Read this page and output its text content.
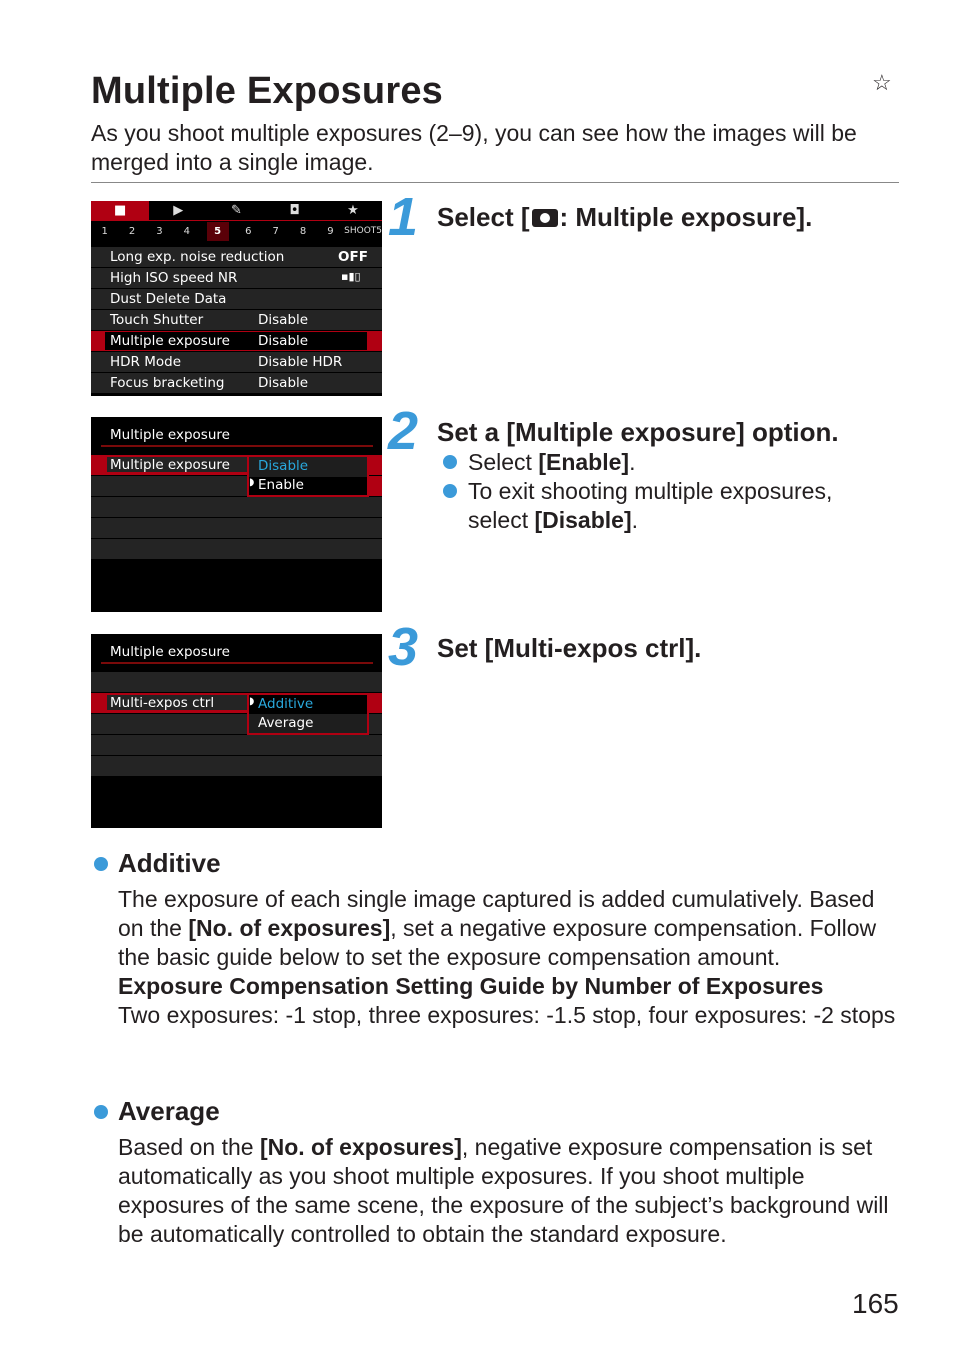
Multiple Exposures	☆
As you shoot multiple exposures (2–9), you can see how the images will be merged into a single image.
■	▶	✎	◘	★
1	2	3	4	5	6	7	8	9	SHOOT5
Long exp. noise reduction	OFF
High ISO speed NR	▪▮▯
Dust Delete Data
Touch Shutter	Disable
Multiple exposure Disable
HDR Mode	Disable HDR
Focus bracketing Disable
Multiple exposure
Multiple exposure Disable
◗ Enable
Multiple exposure
Multi-expos ctrl	◗ Additive
Average
1 Select [ : Multiple exposure].
2 Set a [Multiple exposure] option.
Select [Enable].
To exit shooting multiple exposures, select [Disable].
3 Set [Multi-expos ctrl].
Additive
The exposure of each single image captured is added cumulatively. Based on the [No. of exposures], set a negative exposure compensation. Follow the basic guide below to set the exposure compensation amount.
Exposure Compensation Setting Guide by Number of Exposures
Two exposures: -1 stop, three exposures: -1.5 stop, four exposures: -2 stops
Average
Based on the [No. of exposures], negative exposure compensation is set automatically as you shoot multiple exposures. If you shoot multiple exposures of the same scene, the exposure of the subject’s background will be automatically controlled to obtain the standard exposure.
165
